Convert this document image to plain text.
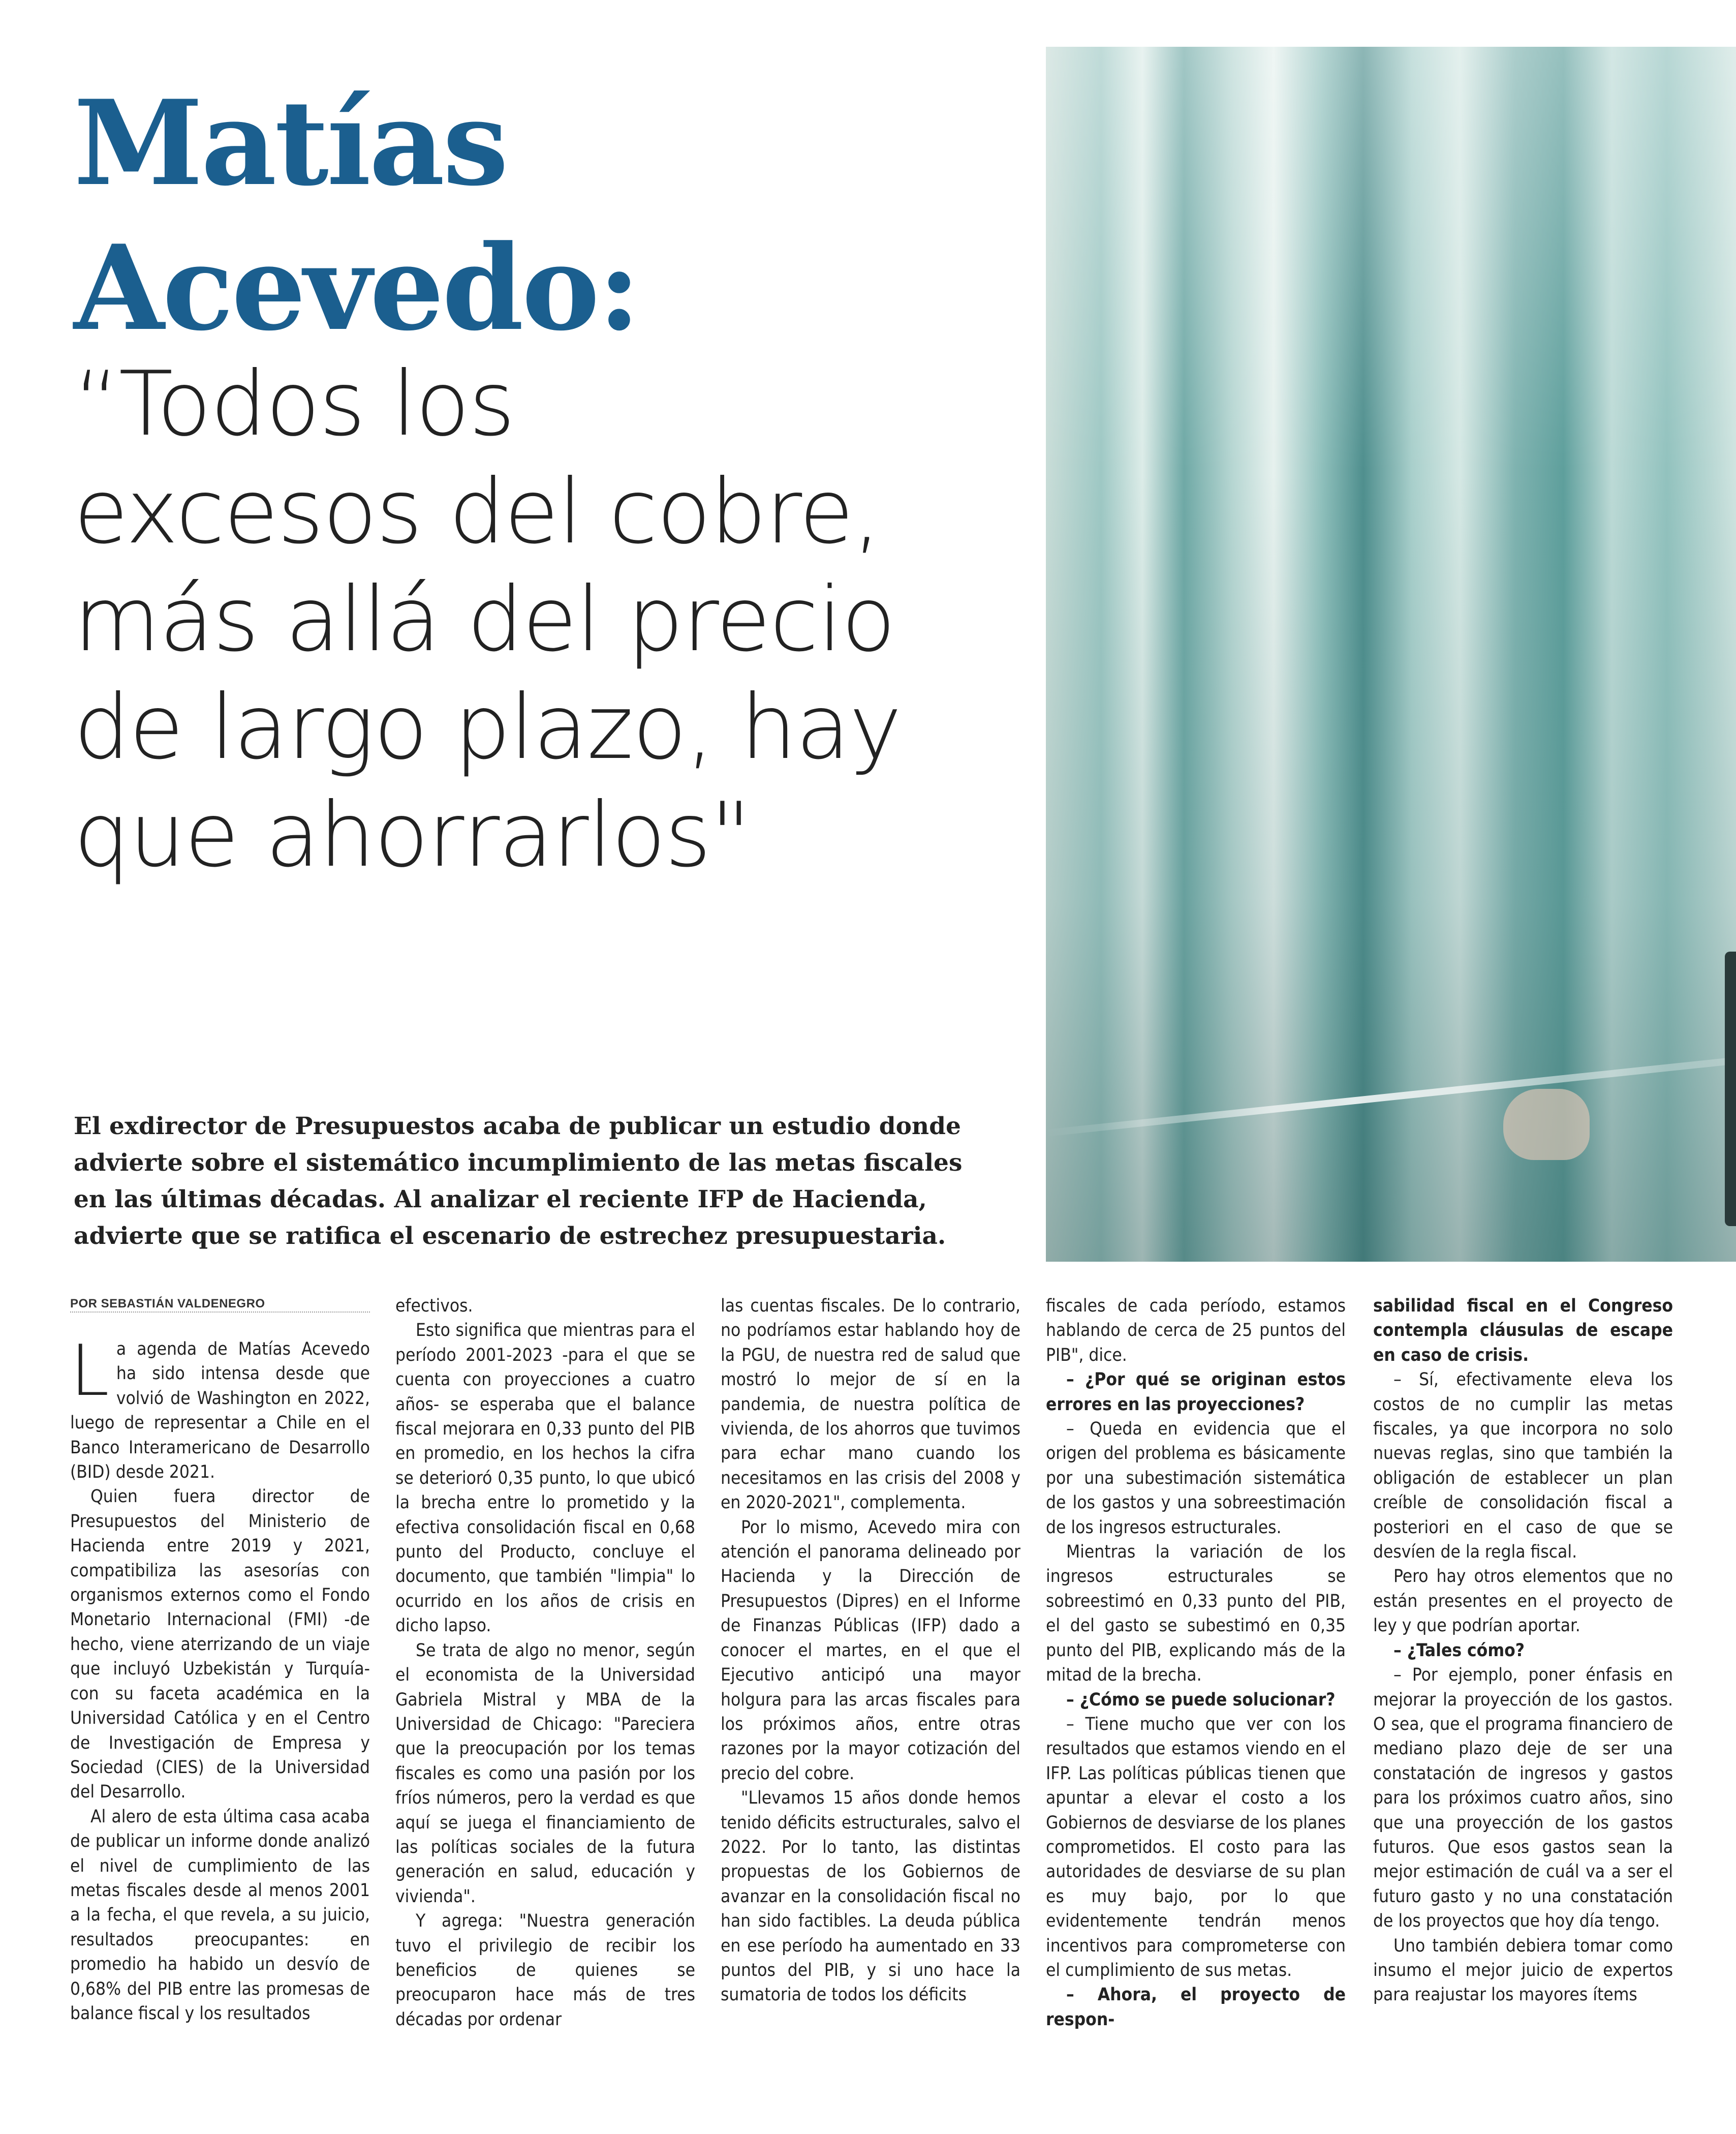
Matías
Acevedo:
“Todos los
excesos del cobre,
más allá del precio
de largo plazo, hay
que ahorrarlos"

El exdirector de Presupuestos acaba de publicar un estudio donde
advierte sobre el sistemático incumplimiento de las metas fiscales
en las últimas décadas. Al analizar el reciente IFP de Hacienda,
advierte que se ratifica el escenario de estrechez presupuestaria.

POR SEBASTIÁN VALDENEGRO

La agenda de Matías Acevedo ha sido intensa desde que volvió de Washington en 2022, luego de representar a Chile en el Banco Interamericano de Desarrollo (BID) desde 2021.

Quien fuera director de Presupuestos del Ministerio de Hacienda entre 2019 y 2021, compatibiliza las asesorías con organismos externos como el Fondo Monetario Internacional (FMI) -de hecho, viene aterrizando de un viaje que incluyó Uzbekistán y Turquía- con su faceta académica en la Universidad Católica y en el Centro de Investigación de Empresa y Sociedad (CIES) de la Universidad del Desarrollo.

Al alero de esta última casa acaba de publicar un informe donde analizó el nivel de cumplimiento de las metas fiscales desde al menos 2001 a la fecha, el que revela, a su juicio, resultados preocupantes: en promedio ha habido un desvío de 0,68% del PIB entre las promesas de balance fiscal y los resultados

efectivos.

Esto significa que mientras para el período 2001-2023 -para el que se cuenta con proyecciones a cuatro años- se esperaba que el balance fiscal mejorara en 0,33 punto del PIB en promedio, en los hechos la cifra se deterioró 0,35 punto, lo que ubicó la brecha entre lo prometido y la efectiva consolidación fiscal en 0,68 punto del Producto, concluye el documento, que también "limpia" lo ocurrido en los años de crisis en dicho lapso.

Se trata de algo no menor, según el economista de la Universidad Gabriela Mistral y MBA de la Universidad de Chicago: "Pareciera que la preocupación por los temas fiscales es como una pasión por los fríos números, pero la verdad es que aquí se juega el financiamiento de las políticas sociales de la futura generación en salud, educación y vivienda".

Y agrega: "Nuestra generación tuvo el privilegio de recibir los beneficios de quienes se preocuparon hace más de tres décadas por ordenar

las cuentas fiscales. De lo contrario, no podríamos estar hablando hoy de la PGU, de nuestra red de salud que mostró lo mejor de sí en la pandemia, de nuestra política de vivienda, de los ahorros que tuvimos para echar mano cuando los necesitamos en las crisis del 2008 y en 2020-2021", complementa.

Por lo mismo, Acevedo mira con atención el panorama delineado por Hacienda y la Dirección de Presupuestos (Dipres) en el Informe de Finanzas Públicas (IFP) dado a conocer el martes, en el que el Ejecutivo anticipó una mayor holgura para las arcas fiscales para los próximos años, entre otras razones por la mayor cotización del precio del cobre.

"Llevamos 15 años donde hemos tenido déficits estructurales, salvo el 2022. Por lo tanto, las distintas propuestas de los Gobiernos de avanzar en la consolidación fiscal no han sido factibles. La deuda pública en ese período ha aumentado en 33 puntos del PIB, y si uno hace la sumatoria de todos los déficits

fiscales de cada período, estamos hablando de cerca de 25 puntos del PIB", dice.

– ¿Por qué se originan estos errores en las proyecciones?

– Queda en evidencia que el origen del problema es básicamente por una subestimación sistemática de los gastos y una sobreestimación de los ingresos estructurales.

Mientras la variación de los ingresos estructurales se sobreestimó en 0,33 punto del PIB, el del gasto se subestimó en 0,35 punto del PIB, explicando más de la mitad de la brecha.

– ¿Cómo se puede solucionar?

– Tiene mucho que ver con los resultados que estamos viendo en el IFP. Las políticas públicas tienen que apuntar a elevar el costo a los Gobiernos de desviarse de los planes comprometidos. El costo para las autoridades de desviarse de su plan es muy bajo, por lo que evidentemente tendrán menos incentivos para comprometerse con el cumplimiento de sus metas.

– Ahora, el proyecto de respon-

sabilidad fiscal en el Congreso contempla cláusulas de escape en caso de crisis.

– Sí, efectivamente eleva los costos de no cumplir las metas fiscales, ya que incorpora no solo nuevas reglas, sino que también la obligación de establecer un plan creíble de consolidación fiscal a posteriori en el caso de que se desvíen de la regla fiscal.

Pero hay otros elementos que no están presentes en el proyecto de ley y que podrían aportar.

– ¿Tales cómo?

– Por ejemplo, poner énfasis en mejorar la proyección de los gastos. O sea, que el programa financiero de mediano plazo deje de ser una constatación de ingresos y gastos para los próximos cuatro años, sino que una proyección de los gastos futuros. Que esos gastos sean la mejor estimación de cuál va a ser el futuro gasto y no una constatación de los proyectos que hoy día tengo.

Uno también debiera tomar como insumo el mejor juicio de expertos para reajustar los mayores ítems
